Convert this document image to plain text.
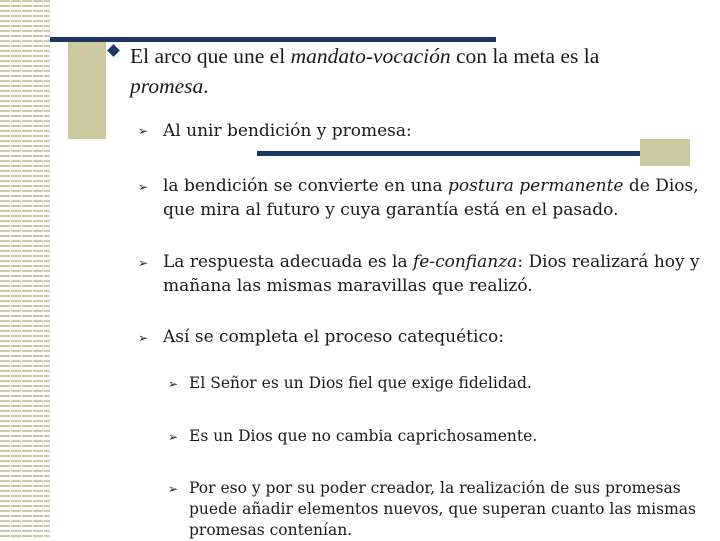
El arco que une el mandato-vocación con la meta es la
promesa.
➢ Al unir bendición y promesa:
➢ la bendición se convierte en una postura permanente de Dios,
que mira al futuro y cuya garantía está en el pasado.
➢ La respuesta adecuada es la fe-confianza: Dios realizará hoy y
mañana las mismas maravillas que realizó.
➢ Así se completa el proceso catequético:
➢ El Señor es un Dios fiel que exige fidelidad.
➢ Es un Dios que no cambia caprichosamente.
➢ Por eso y por su poder creador, la realización de sus promesas
puede añadir elementos nuevos, que superan cuanto las mismas
promesas contenían.
